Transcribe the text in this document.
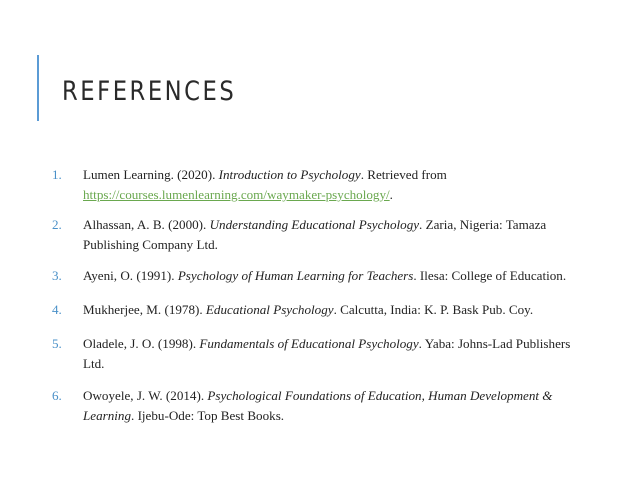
REFERENCES
1. Lumen Learning. (2020). Introduction to Psychology. Retrieved from
https://courses.lumenlearning.com/waymaker-psychology/.
2. Alhassan, A. B. (2000). Understanding Educational Psychology. Zaria, Nigeria: Tamaza Publishing Company Ltd.
3. Ayeni, O. (1991). Psychology of Human Learning for Teachers. Ilesa: College of Education.
4. Mukherjee, M. (1978). Educational Psychology. Calcutta, India: K. P. Bask Pub. Coy.
5. Oladele, J. O. (1998). Fundamentals of Educational Psychology. Yaba: Johns-Lad Publishers Ltd.
6. Owoyele, J. W. (2014). Psychological Foundations of Education, Human Development & Learning. Ijebu-Ode: Top Best Books.
